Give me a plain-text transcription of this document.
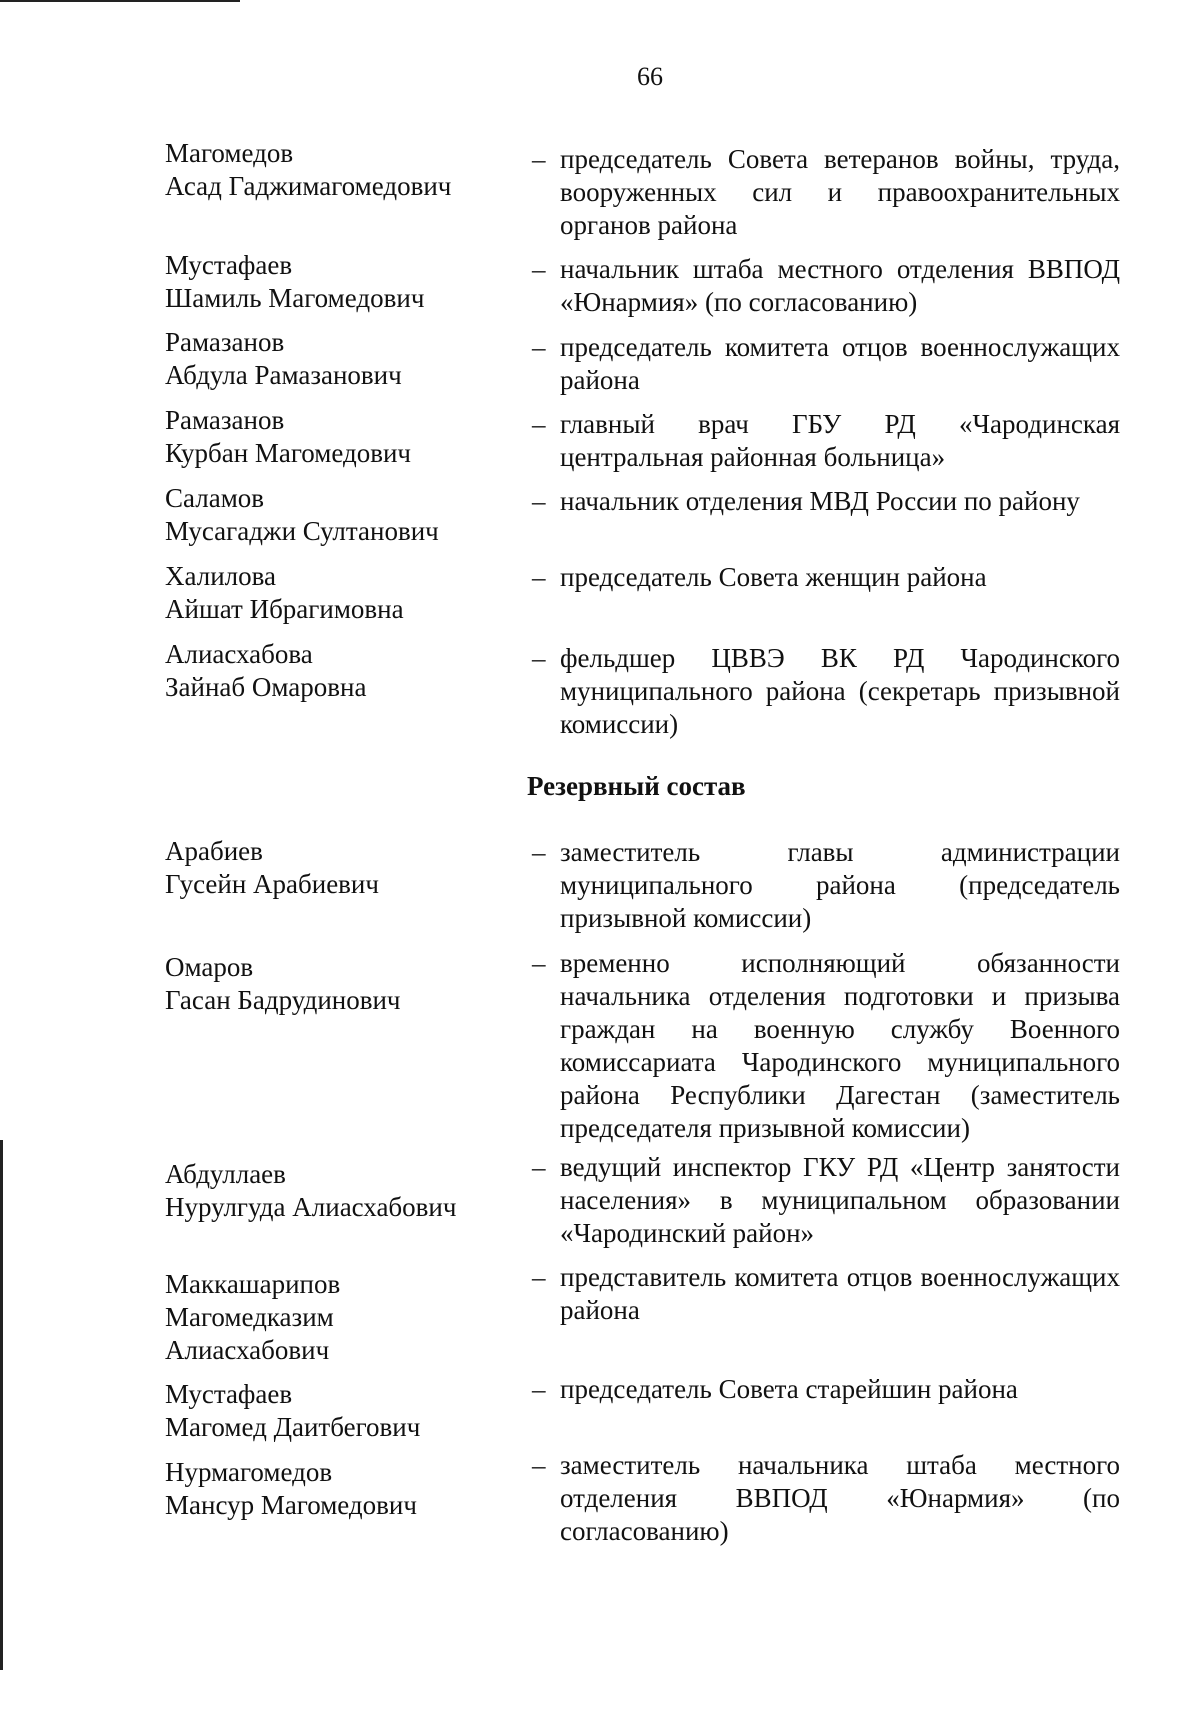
66
Магомедов
Асад Гаджимагомедович
– председатель Совета ветеранов войны, труда, вооруженных сил и правоохранительных органов района
Мустафаев
Шамиль Магомедович
– начальник штаба местного отделения ВВПОД «Юнармия» (по согласованию)
Рамазанов
Абдула Рамазанович
– председатель комитета отцов военнослужащих района
Рамазанов
Курбан Магомедович
– главный врач ГБУ РД «Чародинская центральная районная больница»
Саламов
Мусагаджи Султанович
– начальник отделения МВД России по району
Халилова
Айшат Ибрагимовна
– председатель Совета женщин района
Алиасхабова
Зайнаб Омаровна
– фельдшер ЦВВЭ ВК РД Чародинского муниципального района (секретарь призывной комиссии)
Резервный состав
Арабиев
Гусейн Арабиевич
– заместитель главы администрации муниципального района (председатель призывной комиссии)
Омаров
Гасан Бадрудинович
– временно исполняющий обязанности начальника отделения подготовки и призыва граждан на военную службу Военного комиссариата Чародинского муниципального района Республики Дагестан (заместитель председателя призывной комиссии)
Абдуллаев
Нурулгуда Алиасхабович
– ведущий инспектор ГКУ РД «Центр занятости населения» в муниципальном образовании «Чародинский район»
Маккашарипов
Магомедказим
Алиасхабович
– представитель комитета отцов военнослужащих района
Мустафаев
Магомед Даитбегович
– председатель Совета старейшин района
Нурмагомедов
Мансур Магомедович
– заместитель начальника штаба местного отделения ВВПОД «Юнармия» (по согласованию)
